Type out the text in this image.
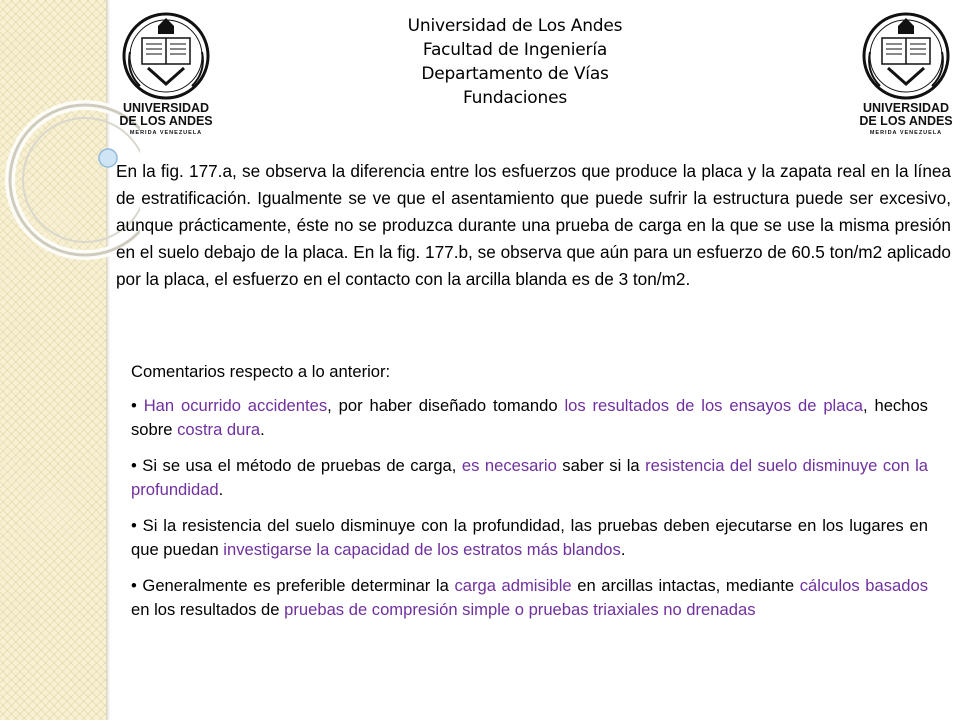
UNIVERSIDAD
DE LOS ANDES
MERIDA VENEZUELA
Universidad de Los Andes
Facultad de Ingeniería
Departamento de Vías
Fundaciones	UNIVERSIDAD
DE LOS ANDES
MERIDA VENEZUELA
En la fig. 177.a, se observa la diferencia entre los esfuerzos que produce la placa y la zapata real en la línea de estratificación. Igualmente se ve que el asentamiento que puede sufrir la estructura puede ser excesivo, aunque prácticamente, éste no se produzca durante una prueba de carga en la que se use la misma presión en el suelo debajo de la placa. En la fig. 177.b, se observa que aún para un esfuerzo de 60.5 ton/m2 aplicado por la placa, el esfuerzo en el contacto con la arcilla blanda es de 3 ton/m2.
Comentarios respecto a lo anterior:
• Han ocurrido accidentes, por haber diseñado tomando los resultados de los ensayos de placa, hechos sobre costra dura.
• Si se usa el método de pruebas de carga, es necesario saber si la resistencia del suelo disminuye con la profundidad.
• Si la resistencia del suelo disminuye con la profundidad, las pruebas deben ejecutarse en los lugares en que puedan investigarse la capacidad de los estratos más blandos.
• Generalmente es preferible determinar la carga admisible en arcillas intactas, mediante cálculos basados en los resultados de pruebas de compresión simple o pruebas triaxiales no drenadas
